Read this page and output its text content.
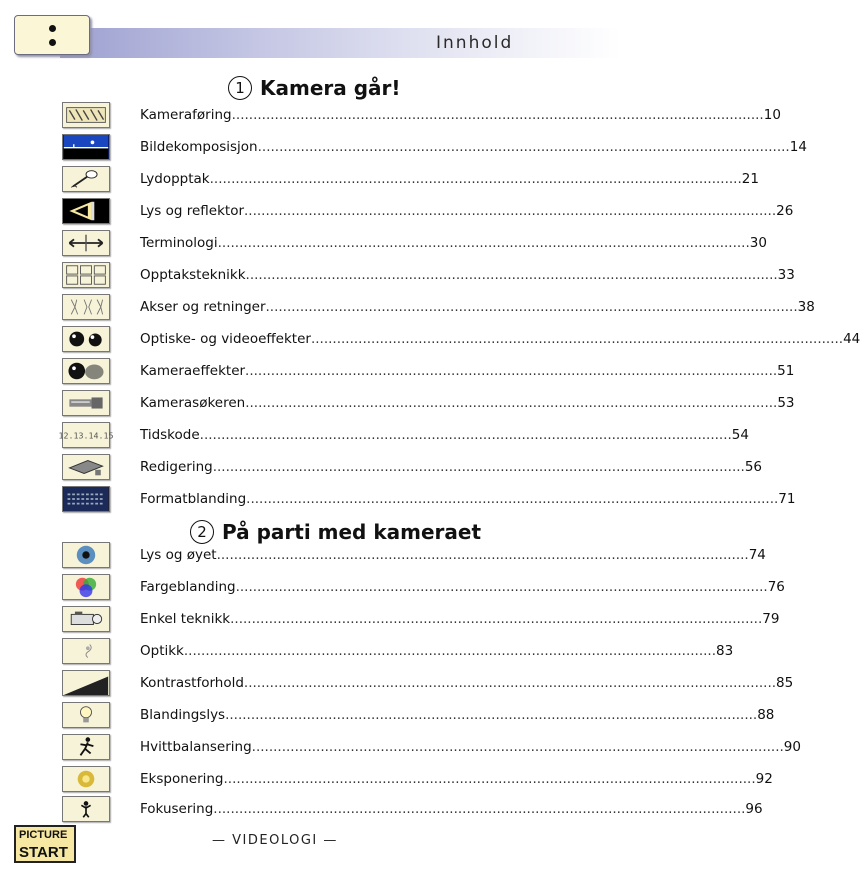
Innhold
1 Kamera går!
Kameraføring .....	10
Bildekomposisjon .....	14
Lydopptak .....	21
Lys og reflektor .....	26
Terminologi .....	30
Opptaksteknikk .....	33
Akser og retninger .....	38
Optiske- og videoeffekter .....	44
Kameraeffekter .....	51
Kamerasøkeren .....	53
12.13.14.15 Tidskode .....	54
Redigering .....	56
Formatblanding .....	71
2 På parti med kameraet
Lys og øyet .....	74
Fargeblanding .....	76
Enkel teknikk .....	79
Optikk .....	83
Kontrastforhold .....	85
Blandingslys .....	88
Hvittbalansering .....	90
Eksponering .....	92
Fokusering .....	96
PICTURE
START
— VIDEOLOGI —
